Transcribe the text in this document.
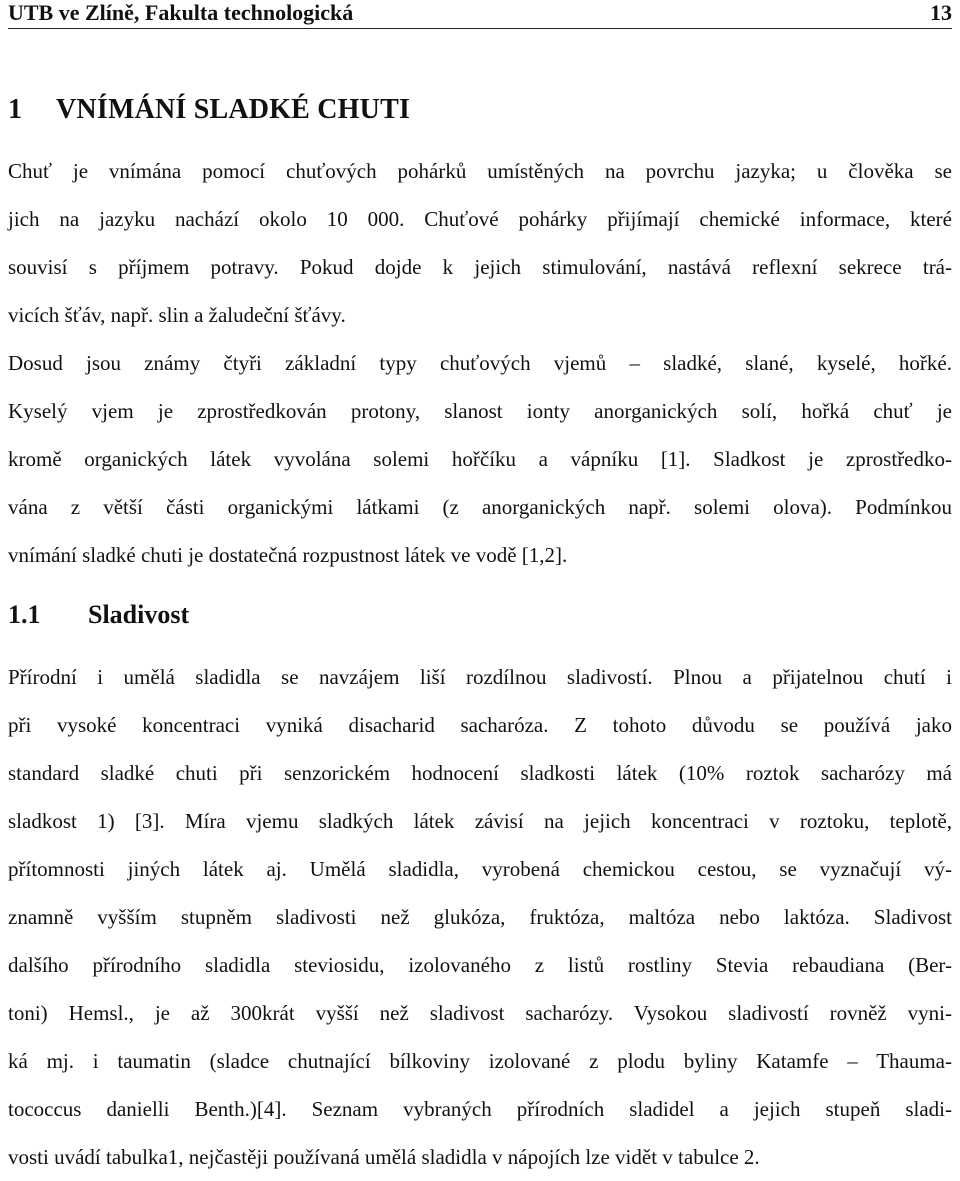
UTB ve Zlíně, Fakulta technologická	13
1 VNÍMÁNÍ SLADKÉ CHUTI
Chuť je vnímána pomocí chuťových pohárků umístěných na povrchu jazyka; u člověka se
jich na jazyku nachází okolo 10 000. Chuťové pohárky přijímají chemické informace, které
souvisí s příjmem potravy. Pokud dojde k jejich stimulování, nastává reflexní sekrece trá-
vicích šťáv, např. slin a žaludeční šťávy.
Dosud jsou známy čtyři základní typy chuťových vjemů – sladké, slané, kyselé, hořké.
Kyselý vjem je zprostředkován protony, slanost ionty anorganických solí, hořká chuť je
kromě organických látek vyvolána solemi hořčíku a vápníku [1]. Sladkost je zprostředko-
vána z větší části organickými látkami (z anorganických např. solemi olova). Podmínkou
vnímání sladké chuti je dostatečná rozpustnost látek ve vodě [1,2].
1.1 Sladivost
Přírodní i umělá sladidla se navzájem liší rozdílnou sladivostí. Plnou a přijatelnou chutí i
při vysoké koncentraci vyniká disacharid sacharóza. Z tohoto důvodu se používá jako
standard sladké chuti při senzorickém hodnocení sladkosti látek (10% roztok sacharózy má
sladkost 1) [3]. Míra vjemu sladkých látek závisí na jejich koncentraci v roztoku, teplotě,
přítomnosti jiných látek aj. Umělá sladidla, vyrobená chemickou cestou, se vyznačují vý-
znamně vyšším stupněm sladivosti než glukóza, fruktóza, maltóza nebo laktóza. Sladivost
dalšího přírodního sladidla steviosidu, izolovaného z listů rostliny Stevia rebaudiana (Ber-
toni) Hemsl., je až 300krát vyšší než sladivost sacharózy. Vysokou sladivostí rovněž vyni-
ká mj. i taumatin (sladce chutnající bílkoviny izolované z plodu byliny Katamfe – Thauma-
tococcus danielli Benth.)[4]. Seznam vybraných přírodních sladidel a jejich stupeň sladi-
vosti uvádí tabulka1, nejčastěji používaná umělá sladidla v nápojích lze vidět v tabulce 2.
